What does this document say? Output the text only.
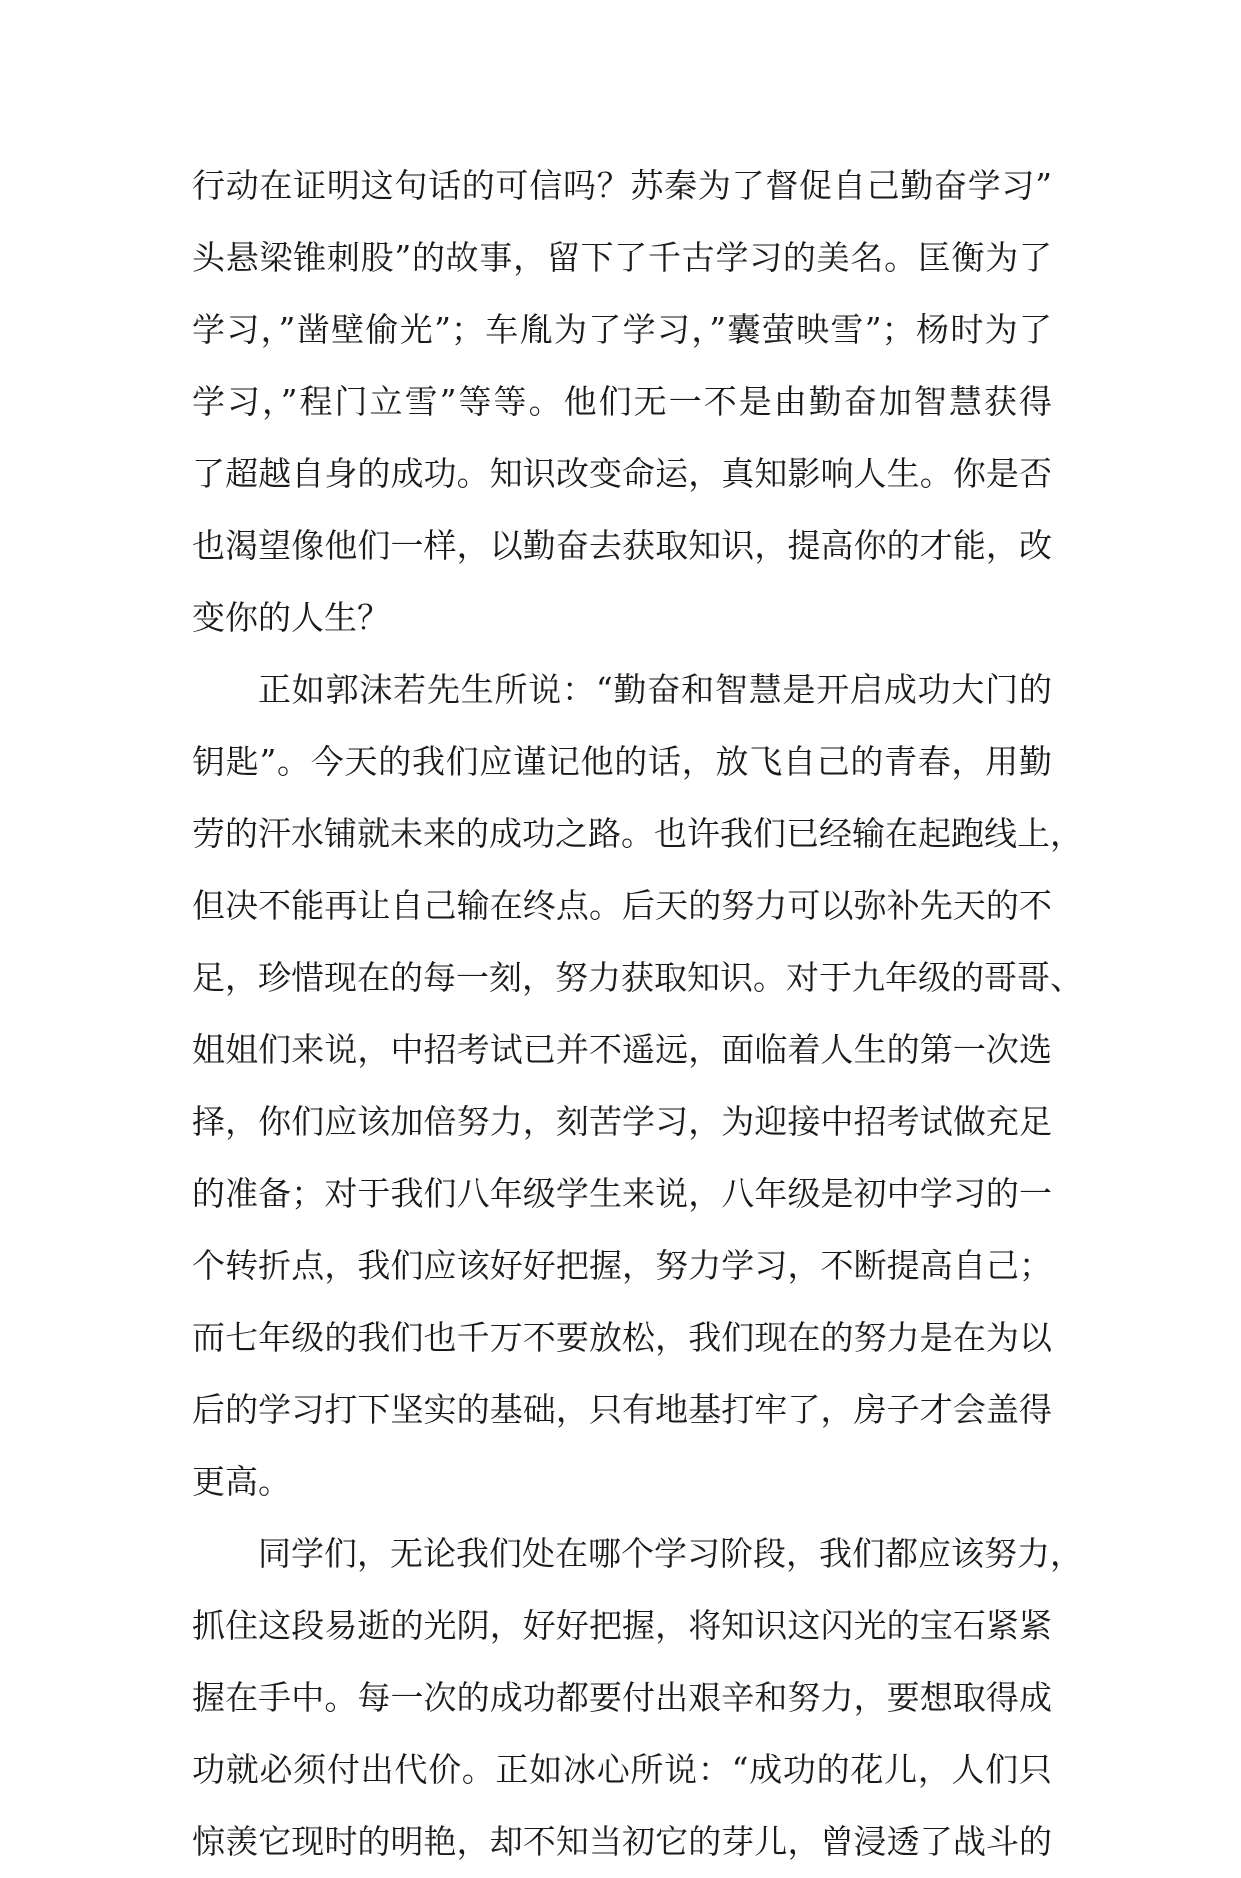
行动在证明这句话的可信吗？苏秦为了督促自己勤奋学习”
头悬梁锥刺股”的故事，留下了千古学习的美名。匡衡为了
学习，”凿壁偷光”；车胤为了学习，”囊萤映雪”；杨时为了
学习，”程门立雪”等等。他们无一不是由勤奋加智慧获得
了超越自身的成功。知识改变命运，真知影响人生。你是否
也渴望像他们一样，以勤奋去获取知识，提高你的才能，改
变你的人生？
正如郭沫若先生所说：“勤奋和智慧是开启成功大门的
钥匙”。今天的我们应谨记他的话，放飞自己的青春，用勤
劳的汗水铺就未来的成功之路。也许我们已经输在起跑线上，
但决不能再让自己输在终点。后天的努力可以弥补先天的不
足，珍惜现在的每一刻，努力获取知识。对于九年级的哥哥、
姐姐们来说，中招考试已并不遥远，面临着人生的第一次选
择，你们应该加倍努力，刻苦学习，为迎接中招考试做充足
的准备；对于我们八年级学生来说，八年级是初中学习的一
个转折点，我们应该好好把握，努力学习，不断提高自己；
而七年级的我们也千万不要放松，我们现在的努力是在为以
后的学习打下坚实的基础，只有地基打牢了，房子才会盖得
更高。
同学们，无论我们处在哪个学习阶段，我们都应该努力，
抓住这段易逝的光阴，好好把握，将知识这闪光的宝石紧紧
握在手中。每一次的成功都要付出艰辛和努力，要想取得成
功就必须付出代价。正如冰心所说：“成功的花儿，人们只
惊羡它现时的明艳，却不知当初它的芽儿，曾浸透了战斗的
